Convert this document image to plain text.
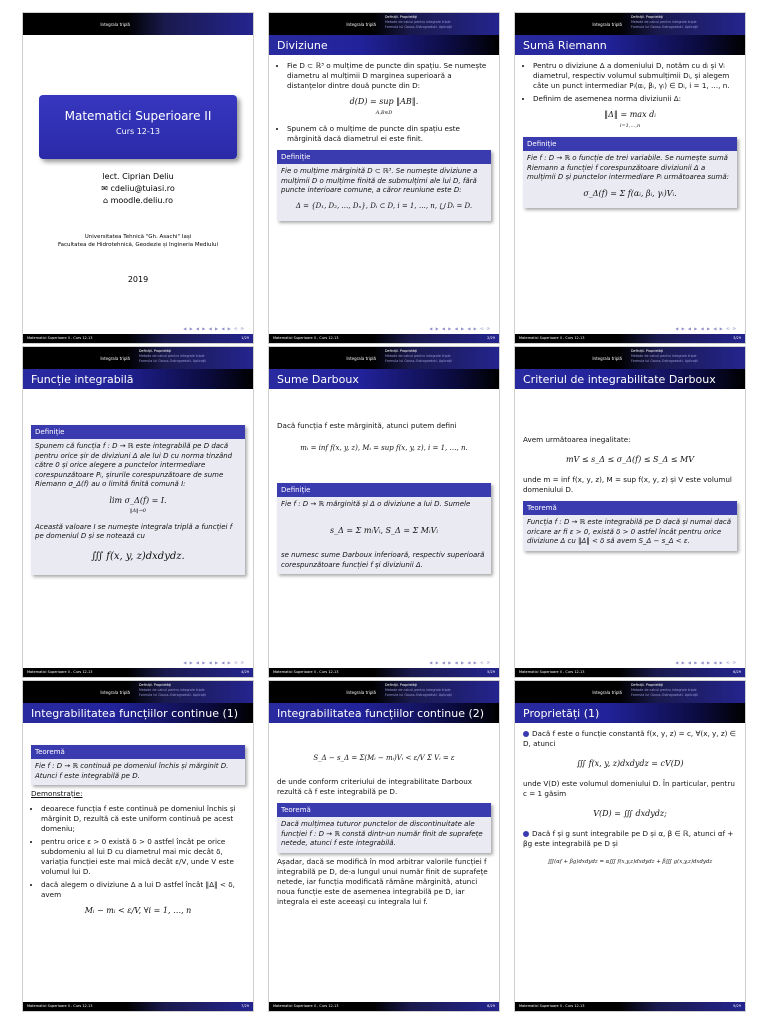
Integrala triplă
Matematici Superioare II
Curs 12-13
lect. Ciprian Deliu
✉ cdeliu@tuiasi.ro
⌂ moodle.deliu.ro
Universitatea Tehnică "Gh. Asachi" Iași
Facultatea de Hidrotehnică, Geodezie și Ingineria Mediului
2019
◀ ▶ ◀ ▶ ◀ ▶ ◀ ▶ ⟲ ⟳
Matematici Superioare II - Curs 12-13	1/29
Integrala triplă
Definiții. Proprietăți
Metode de calcul pentru integrale triple
Formula lui Gauss-Ostrogradski. Aplicații
Diviziune
• Fie D ⊂ ℝ³ o mulțime de puncte din spațiu. Se numește diametru al mulțimii D marginea superioară a distanțelor dintre două puncte din D:
d(D) = sup ‖AB‖.
A,B∈D
• Spunem că o mulțime de puncte din spațiu este mărginită dacă diametrul ei este finit.
Definiție
Fie o mulțime mărginită D ⊂ ℝ³. Se numește diviziune a mulțimii D o mulțime finită de submulțimi ale lui D, fără puncte interioare comune, a căror reuniune este D:
Δ = {D₁, D₂, …, Dₙ}, Dᵢ ⊂ D, i = 1, …, n, ⋃ Dᵢ = D.
◀ ▶ ◀ ▶ ◀ ▶ ◀ ▶ ⟲ ⟳
Matematici Superioare II - Curs 12-13	2/29
Integrala triplă
Definiții. Proprietăți
Metode de calcul pentru integrale triple
Formula lui Gauss-Ostrogradski. Aplicații
Sumă Riemann
• Pentru o diviziune Δ a domeniului D, notăm cu dᵢ și Vᵢ diametrul, respectiv volumul submulțimii Dᵢ, și alegem câte un punct intermediar Pᵢ(αᵢ, βᵢ, γᵢ) ∈ Dᵢ, i = 1, …, n.
• Definim de asemenea norma diviziunii Δ:
‖Δ‖ = max dᵢ
i=1,…,n
Definiție
Fie f : D → ℝ o funcție de trei variabile. Se numește sumă Riemann a funcției f corespunzătoare diviziunii Δ a mulțimii D și punctelor intermediare Pᵢ următoarea sumă:
σ_Δ(f) = Σ f(αᵢ, βᵢ, γᵢ)Vᵢ.
◀ ▶ ◀ ▶ ◀ ▶ ◀ ▶ ⟲ ⟳
Matematici Superioare II - Curs 12-13	3/29
Integrala triplă
Definiții. Proprietăți
Metode de calcul pentru integrale triple
Formula lui Gauss-Ostrogradski. Aplicații
Funcție integrabilă
Definiție
Spunem că funcția f : D → ℝ este integrabilă pe D dacă pentru orice șir de diviziuni Δ ale lui D cu norma tinzând către 0 și orice alegere a punctelor intermediare corespunzătoare Pᵢ, șirurile corespunzătoare de sume Riemann σ_Δ(f) au o limită finită comună I:
lim σ_Δ(f) = I.
‖Δ‖→0
Această valoare I se numește integrala triplă a funcției f pe domeniul D și se notează cu
∭ f(x, y, z)dxdydz.
◀ ▶ ◀ ▶ ◀ ▶ ◀ ▶ ⟲ ⟳
Matematici Superioare II - Curs 12-13	4/29
Integrala triplă
Definiții. Proprietăți
Metode de calcul pentru integrale triple
Formula lui Gauss-Ostrogradski. Aplicații
Sume Darboux

Dacă funcția f este mărginită, atunci putem defini

mᵢ = inf f(x, y, z), Mᵢ = sup f(x, y, z), i = 1, …, n.
Definiție
Fie f : D → ℝ mărginită și Δ o diviziune a lui D. Sumele
s_Δ = Σ mᵢVᵢ, S_Δ = Σ MᵢVᵢ
se numesc sume Darboux inferioară, respectiv superioară corespunzătoare funcției f și diviziunii Δ.
◀ ▶ ◀ ▶ ◀ ▶ ◀ ▶ ⟲ ⟳
Matematici Superioare II - Curs 12-13	5/29
Integrala triplă
Definiții. Proprietăți
Metode de calcul pentru integrale triple
Formula lui Gauss-Ostrogradski. Aplicații
Criteriul de integrabilitate Darboux

Avem următoarea inegalitate:

mV ≤ s_Δ ≤ σ_Δ(f) ≤ S_Δ ≤ MV

unde m = inf f(x, y, z), M = sup f(x, y, z) și V este volumul domeniului D.

Teoremă
Funcția f : D → ℝ este integrabilă pe D dacă și numai dacă oricare ar fi ε > 0, există δ > 0 astfel încât pentru orice diviziune Δ cu ‖Δ‖ < δ să avem S_Δ − s_Δ < ε.
◀ ▶ ◀ ▶ ◀ ▶ ◀ ▶ ⟲ ⟳
Matematici Superioare II - Curs 12-13	6/29
Integrala triplă
Definiții. Proprietăți
Metode de calcul pentru integrale triple
Formula lui Gauss-Ostrogradski. Aplicații
Integrabilitatea funcțiilor continue (1)
Teoremă
Fie f : D → ℝ continuă pe domeniul închis și mărginit D. Atunci f este integrabilă pe D.

Demonstrație:

• deoarece funcția f este continuă pe domeniul închis și mărginit D, rezultă că este uniform continuă pe acest domeniu;
• pentru orice ε > 0 există δ > 0 astfel încât pe orice subdomeniu al lui D cu diametrul mai mic decât δ, variația funcției este mai mică decât ε/V, unde V este volumul lui D.
• dacă alegem o diviziune Δ a lui D astfel încât ‖Δ‖ < δ, avem
Mᵢ − mᵢ < ε/V, ∀i = 1, …, n
Matematici Superioare II - Curs 12-13	7/29
Integrala triplă
Definiții. Proprietăți
Metode de calcul pentru integrale triple
Formula lui Gauss-Ostrogradski. Aplicații
Integrabilitatea funcțiilor continue (2)
S_Δ − s_Δ = Σ(Mᵢ − mᵢ)Vᵢ < ε/V Σ Vᵢ = ε

de unde conform criteriului de integrabilitate Darboux rezultă că f este integrabilă pe D.

Teoremă
Dacă mulțimea tuturor punctelor de discontinuitate ale funcției f : D → ℝ constă dintr-un număr finit de suprafețe netede, atunci f este integrabilă.

Așadar, dacă se modifică în mod arbitrar valorile funcției f integrabilă pe D, de-a lungul unui număr finit de suprafețe netede, iar funcția modificată rămâne mărginită, atunci noua funcție este de asemenea integrabilă pe D, iar integrala ei este aceeași cu integrala lui f.

Matematici Superioare II - Curs 12-13	8/29
Integrala triplă
Definiții. Proprietăți
Metode de calcul pentru integrale triple
Formula lui Gauss-Ostrogradski. Aplicații
Proprietăți (1)

Dacă f este o funcție constantă f(x, y, z) = c, ∀(x, y, z) ∈ D, atunci

∭ f(x, y, z)dxdydz = cV(D)

unde V(D) este volumul domeniului D. În particular, pentru c = 1 găsim

V(D) = ∭ dxdydz;

Dacă f și g sunt integrabile pe D și α, β ∈ ℝ, atunci αf + βg este integrabilă pe D și

∭(αf + βg)dxdydz = α∭ f(x,y,z)dxdydz + β∭ g(x,y,z)dxdydz
Matematici Superioare II - Curs 12-13	9/29
